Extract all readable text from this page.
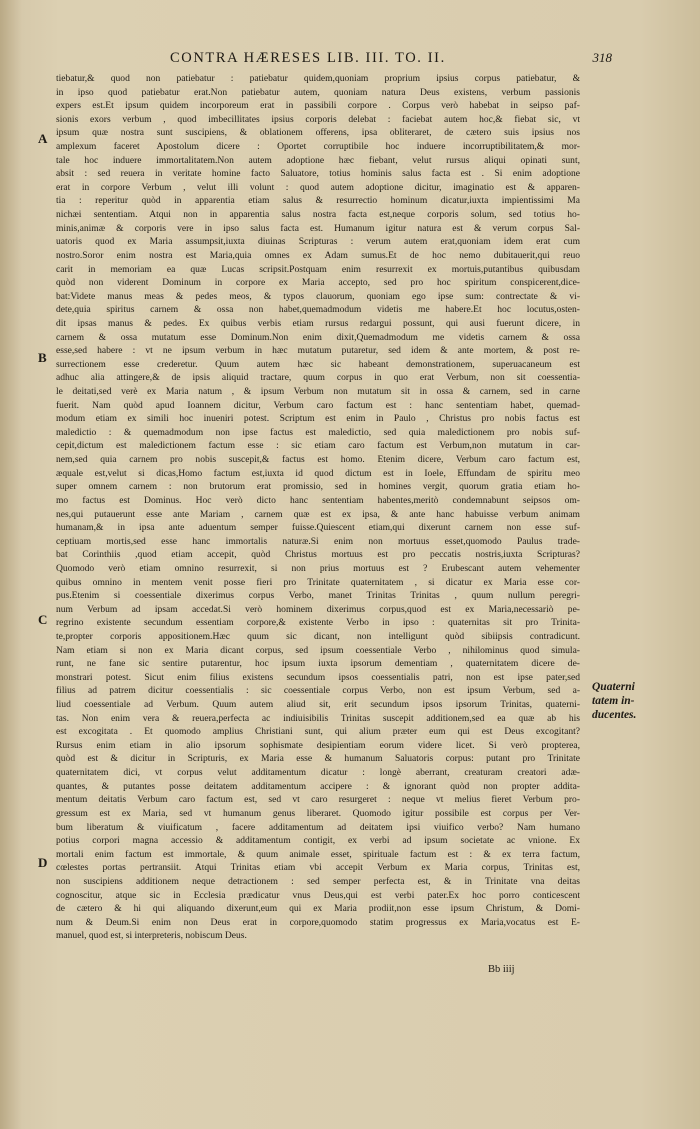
CONTRA HÆRESES LIB. III. TO. II.	318
A
B
C
D
Quaterni
tatem in-
ducentes.
tiebatur,& quod non patiebatur : patiebatur quidem,quoniam proprium ipsius corpus patiebatur, &
in ipso quod patiebatur erat.Non patiebatur autem, quoniam natura Deus existens, verbum passionis
expers est.Et ipsum quidem incorporeum erat in passibili corpore . Corpus verò habebat in seipso paf-
sionis exors verbum , quod imbecillitates ipsius corporis delebat : faciebat autem hoc,& fiebat sic, vt
ipsum quæ nostra sunt suscipiens, & oblationem offerens, ipsa obliteraret, de cætero suis ipsius nos
amplexum faceret Apostolum dicere : Oportet corruptibile hoc induere incorruptibilitatem,& mor-
tale hoc induere immortalitatem.Non autem adoptione hæc fiebant, velut rursus aliqui opinati sunt,
absit : sed reuera in veritate homine facto Saluatore, totius hominis salus facta est . Si enim adoptione
erat in corpore Verbum , velut illi volunt : quod autem adoptione dicitur, imaginatio est & apparen-
tia : reperitur quòd in apparentia etiam salus & resurrectio hominum dicatur,iuxta impientissimi Ma
nichæi sententiam. Atqui non in apparentia salus nostra facta est,neque corporis solum, sed totius ho-
minis,animæ & corporis vere in ipso salus facta est. Humanum igitur natura est & verum corpus Sal-
uatoris quod ex Maria assumpsit,iuxta diuinas Scripturas : verum autem erat,quoniam idem erat cum
nostro.Soror enim nostra est Maria,quia omnes ex Adam sumus.Et de hoc nemo dubitauerit,qui reuo
carit in memoriam ea quæ Lucas scripsit.Postquam enim resurrexit ex mortuis,putantibus quibusdam
quòd non viderent Dominum in corpore ex Maria accepto, sed pro hoc spiritum conspicerent,dice-
bat:Videte manus meas & pedes meos, & typos clauorum, quoniam ego ipse sum: contrectate & vi-
dete,quia spiritus carnem & ossa non habet,quemadmodum videtis me habere.Et hoc locutus,osten-
dit ipsas manus & pedes. Ex quibus verbis etiam rursus redargui possunt, qui ausi fuerunt dicere, in
carnem & ossa mutatum esse Dominum.Non enim dixit,Quemadmodum me videtis carnem & ossa
esse,sed habere : vt ne ipsum verbum in hæc mutatum putaretur, sed idem & ante mortem, & post re-
surrectionem esse crederetur. Quum autem hæc sic habeant demonstrationem, superuacaneum est
adhuc alia attingere,& de ipsis aliquid tractare, quum corpus in quo erat Verbum, non sit coessentia-
le deitati,sed verè ex Maria natum , & ipsum Verbum non mutatum sit in ossa & carnem, sed in carne
fuerit. Nam quòd apud Ioannem dicitur, Verbum caro factum est : hanc sententiam habet, quemad-
modum etiam ex simili hoc inueniri potest. Scriptum est enim in Paulo , Christus pro nobis factus est
maledictio : & quemadmodum non ipse factus est maledictio, sed quia maledictionem pro nobis suf-
cepit,dictum est maledictionem factum esse : sic etiam caro factum est Verbum,non mutatum in car-
nem,sed quia carnem pro nobis suscepit,& factus est homo. Etenim dicere, Verbum caro factum est,
æquale est,velut si dicas,Homo factum est,iuxta id quod dictum est in Ioele, Effundam de spiritu meo
super omnem carnem : non brutorum erat promissio, sed in homines vergit, quorum gratia etiam ho-
mo factus est Dominus. Hoc verò dicto hanc sententiam habentes,meritò condemnabunt seipsos om-
nes,qui putauerunt esse ante Mariam , carnem quæ est ex ipsa, & ante hanc habuisse verbum animam
humanam,& in ipsa ante aduentum semper fuisse.Quiescent etiam,qui dixerunt carnem non esse suf-
ceptiuam mortis,sed esse hanc immortalis naturæ.Si enim non mortuus esset,quomodo Paulus trade-
bat Corinthiis ,quod etiam accepit, quòd Christus mortuus est pro peccatis nostris,iuxta Scripturas?
Quomodo verò etiam omnino resurrexit, si non prius mortuus est ? Erubescant autem vehementer
quibus omnino in mentem venit posse fieri pro Trinitate quaternitatem , si dicatur ex Maria esse cor-
pus.Etenim si coessentiale dixerimus corpus Verbo, manet Trinitas Trinitas , quum nullum peregri-
num Verbum ad ipsam accedat.Si verò hominem dixerimus corpus,quod est ex Maria,necessariò pe-
regrino existente secundum essentiam corpore,& existente Verbo in ipso : quaternitas sit pro Trinita-
te,propter corporis appositionem.Hæc quum sic dicant, non intelligunt quòd sibiipsis contradicunt.
Nam etiam si non ex Maria dicant corpus, sed ipsum coessentiale Verbo , nihilominus quod simula-
runt, ne fane sic sentire putarentur, hoc ipsum iuxta ipsorum dementiam , quaternitatem dicere de-
monstrari potest. Sicut enim filius existens secundum ipsos coessentialis patri, non est ipse pater,sed
filius ad patrem dicitur coessentialis : sic coessentiale corpus Verbo, non est ipsum Verbum, sed a-
liud coessentiale ad Verbum. Quum autem aliud sit, erit secundum ipsos ipsorum Trinitas, quaterni-
tas. Non enim vera & reuera,perfecta ac indiuisibilis Trinitas suscepit additionem,sed ea quæ ab his
est excogitata . Et quomodo amplius Christiani sunt, qui alium præter eum qui est Deus excogitant?
Rursus enim etiam in alio ipsorum sophismate desipientiam eorum videre licet. Si verò propterea,
quòd est & dicitur in Scripturis, ex Maria esse & humanum Saluatoris corpus: putant pro Trinitate
quaternitatem dici, vt corpus velut additamentum dicatur : longè aberrant, creaturam creatori adæ-
quantes, & putantes posse deitatem additamentum accipere : & ignorant quòd non propter addita-
mentum deitatis Verbum caro factum est, sed vt caro resurgeret : neque vt melius fieret Verbum pro-
gressum est ex Maria, sed vt humanum genus liberaret. Quomodo igitur possibile est corpus per Ver-
bum liberatum & viuificatum , facere additamentum ad deitatem ipsi viuifico verbo? Nam humano
potius corpori magna accessio & additamentum contigit, ex verbi ad ipsum societate ac vnione. Ex
mortali enim factum est immortale, & quum animale esset, spirituale factum est : & ex terra factum,
cœlestes portas pertransiit. Atqui Trinitas etiam vbi accepit Verbum ex Maria corpus, Trinitas est,
non suscipiens additionem neque detractionem : sed semper perfecta est, & in Trinitate vna deitas
cognoscitur, atque sic in Ecclesia prædicatur vnus Deus,qui est verbi pater.Ex hoc porro conticescent
de cætero & hi qui aliquando dixerunt,eum qui ex Maria prodiit,non esse ipsum Christum, & Domi-
num & Deum.Si enim non Deus erat in corpore,quomodo statim progressus ex Maria,vocatus est E-
manuel, quod est, si interpreteris, nobiscum Deus.
Bb iiij
